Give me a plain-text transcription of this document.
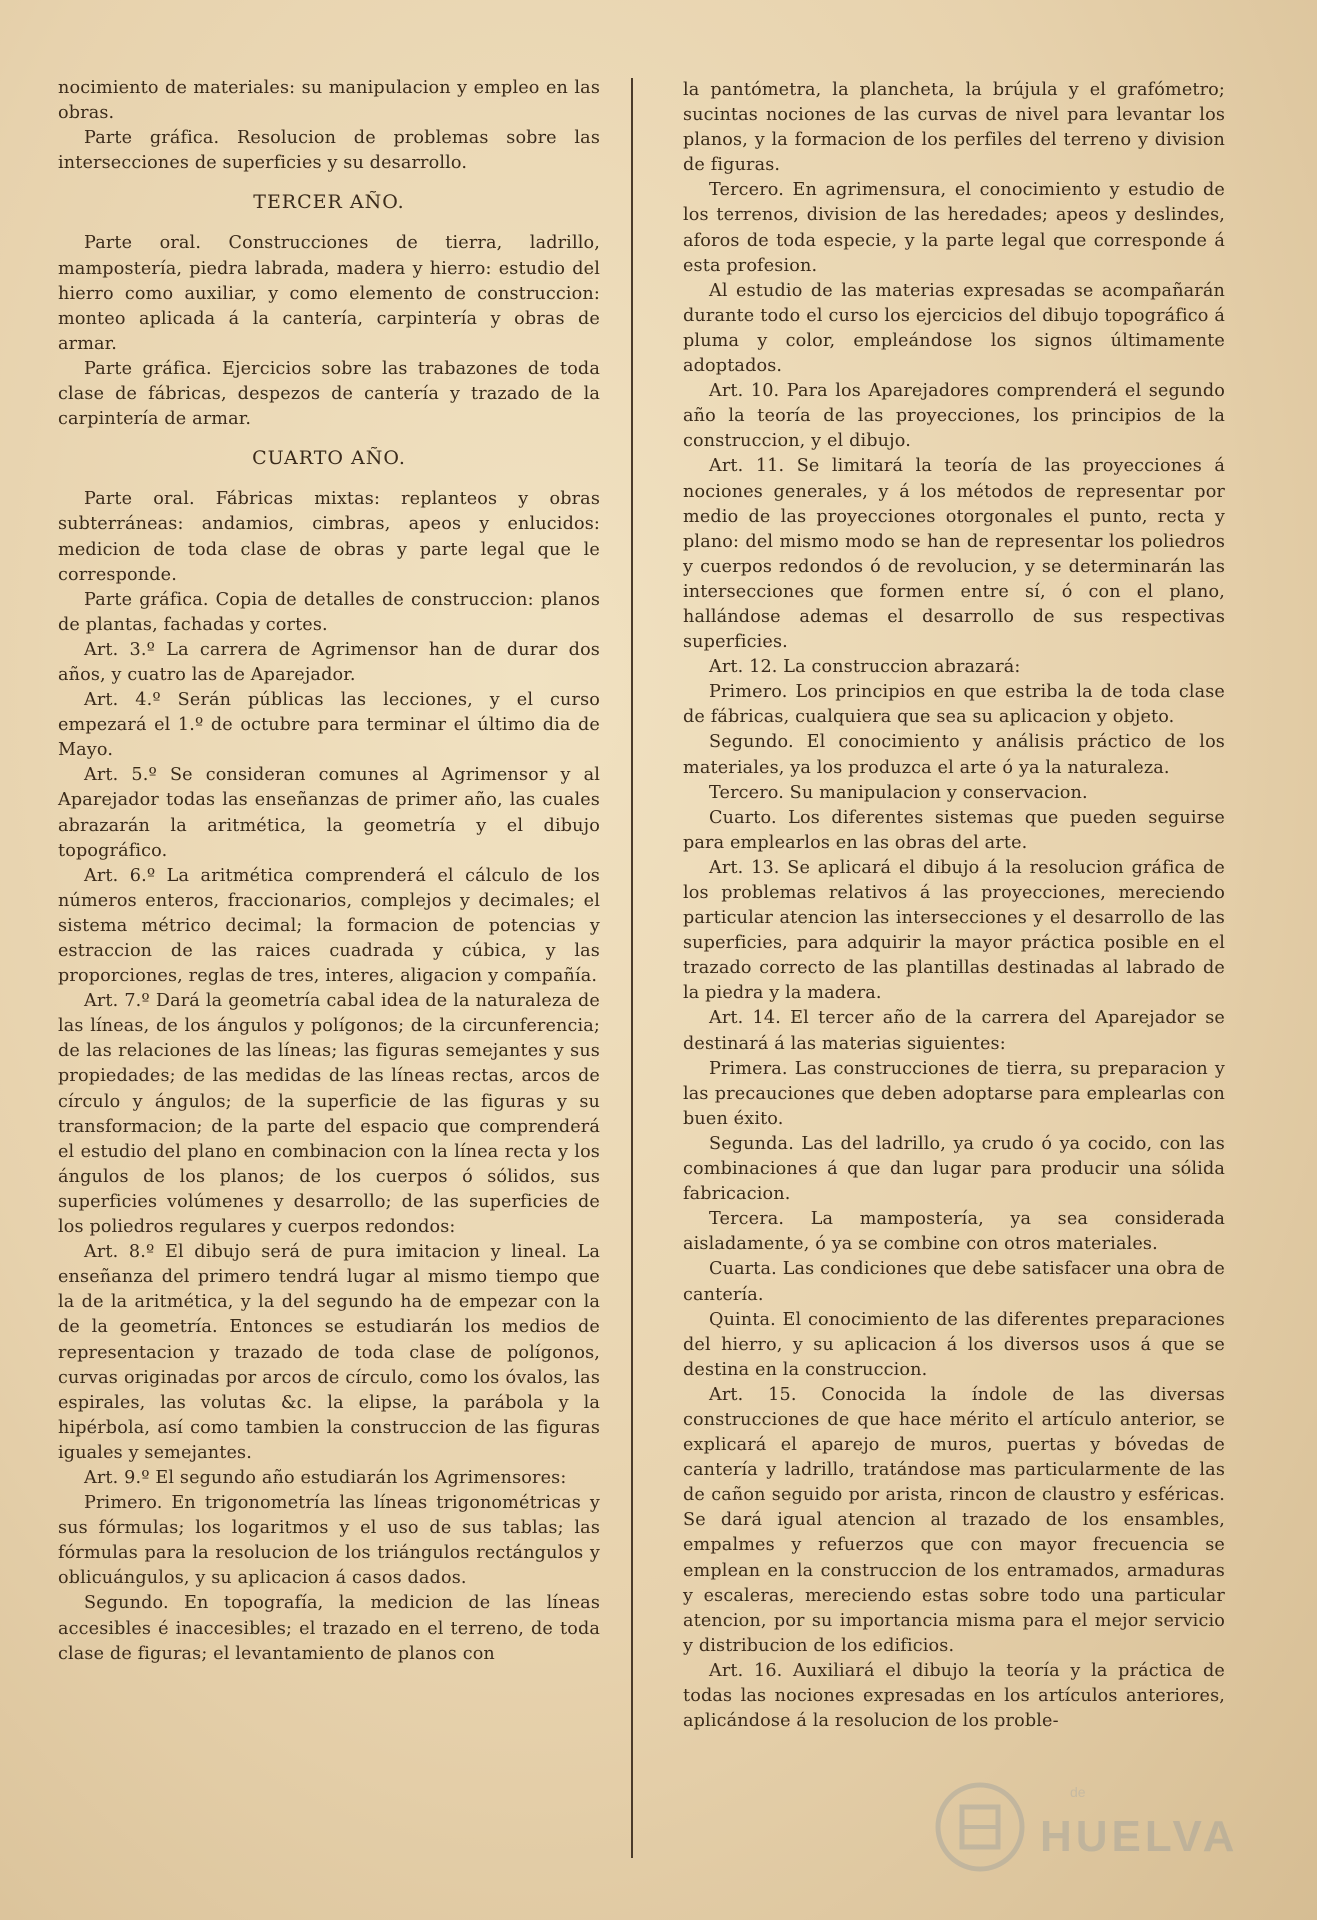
nocimiento de materiales: su manipulacion y empleo en las obras.

Parte gráfica. Resolucion de problemas sobre las intersecciones de superficies y su desarrollo.

TERCER AÑO.

Parte oral. Construcciones de tierra, ladrillo, mampostería, piedra labrada, madera y hierro: estudio del hierro como auxiliar, y como elemento de construccion: monteo aplicada á la cantería, carpintería y obras de armar.

Parte gráfica. Ejercicios sobre las trabazones de toda clase de fábricas, despezos de cantería y trazado de la carpintería de armar.

CUARTO AÑO.

Parte oral. Fábricas mixtas: replanteos y obras subterráneas: andamios, cimbras, apeos y enlucidos: medicion de toda clase de obras y parte legal que le corresponde.

Parte gráfica. Copia de detalles de construccion: planos de plantas, fachadas y cortes.

Art. 3.º La carrera de Agrimensor han de durar dos años, y cuatro las de Aparejador.

Art. 4.º Serán públicas las lecciones, y el curso empezará el 1.º de octubre para terminar el último dia de Mayo.

Art. 5.º Se consideran comunes al Agrimensor y al Aparejador todas las enseñanzas de primer año, las cuales abrazarán la aritmética, la geometría y el dibujo topográfico.

Art. 6.º La aritmética comprenderá el cálculo de los números enteros, fraccionarios, complejos y decimales; el sistema métrico decimal; la formacion de potencias y estraccion de las raices cuadrada y cúbica, y las proporciones, reglas de tres, interes, aligacion y compañía.

Art. 7.º Dará la geometría cabal idea de la naturaleza de las líneas, de los ángulos y polígonos; de la circunferencia; de las relaciones de las líneas; las figuras semejantes y sus propiedades; de las medidas de las líneas rectas, arcos de círculo y ángulos; de la superficie de las figuras y su transformacion; de la parte del espacio que comprenderá el estudio del plano en combinacion con la línea recta y los ángulos de los planos; de los cuerpos ó sólidos, sus superficies volúmenes y desarrollo; de las superficies de los poliedros regulares y cuerpos redondos:

Art. 8.º El dibujo será de pura imitacion y lineal. La enseñanza del primero tendrá lugar al mismo tiempo que la de la aritmética, y la del segundo ha de empezar con la de la geometría. Entonces se estudiarán los medios de representacion y trazado de toda clase de polígonos, curvas originadas por arcos de círculo, como los óvalos, las espirales, las volutas &c. la elipse, la parábola y la hipérbola, así como tambien la construccion de las figuras iguales y semejantes.

Art. 9.º El segundo año estudiarán los Agrimensores:

Primero. En trigonometría las líneas trigonométricas y sus fórmulas; los logaritmos y el uso de sus tablas; las fórmulas para la resolucion de los triángulos rectángulos y oblicuángulos, y su aplicacion á casos dados.

Segundo. En topografía, la medicion de las líneas accesibles é inaccesibles; el trazado en el terreno, de toda clase de figuras; el levantamiento de planos con

la pantómetra, la plancheta, la brújula y el grafómetro; sucintas nociones de las curvas de nivel para levantar los planos, y la formacion de los perfiles del terreno y division de figuras.

Tercero. En agrimensura, el conocimiento y estudio de los terrenos, division de las heredades; apeos y deslindes, aforos de toda especie, y la parte legal que corresponde á esta profesion.

Al estudio de las materias expresadas se acompañarán durante todo el curso los ejercicios del dibujo topográfico á pluma y color, empleándose los signos últimamente adoptados.

Art. 10. Para los Aparejadores comprenderá el segundo año la teoría de las proyecciones, los principios de la construccion, y el dibujo.

Art. 11. Se limitará la teoría de las proyecciones á nociones generales, y á los métodos de representar por medio de las proyecciones otorgonales el punto, recta y plano: del mismo modo se han de representar los poliedros y cuerpos redondos ó de revolucion, y se determinarán las intersecciones que formen entre sí, ó con el plano, hallándose ademas el desarrollo de sus respectivas superficies.

Art. 12. La construccion abrazará:

Primero. Los principios en que estriba la de toda clase de fábricas, cualquiera que sea su aplicacion y objeto.

Segundo. El conocimiento y análisis práctico de los materiales, ya los produzca el arte ó ya la naturaleza.

Tercero. Su manipulacion y conservacion.

Cuarto. Los diferentes sistemas que pueden seguirse para emplearlos en las obras del arte.

Art. 13. Se aplicará el dibujo á la resolucion gráfica de los problemas relativos á las proyecciones, mereciendo particular atencion las intersecciones y el desarrollo de las superficies, para adquirir la mayor práctica posible en el trazado correcto de las plantillas destinadas al labrado de la piedra y la madera.

Art. 14. El tercer año de la carrera del Aparejador se destinará á las materias siguientes:

Primera. Las construcciones de tierra, su preparacion y las precauciones que deben adoptarse para emplearlas con buen éxito.

Segunda. Las del ladrillo, ya crudo ó ya cocido, con las combinaciones á que dan lugar para producir una sólida fabricacion.

Tercera. La mampostería, ya sea considerada aisladamente, ó ya se combine con otros materiales.

Cuarta. Las condiciones que debe satisfacer una obra de cantería.

Quinta. El conocimiento de las diferentes preparaciones del hierro, y su aplicacion á los diversos usos á que se destina en la construccion.

Art. 15. Conocida la índole de las diversas construcciones de que hace mérito el artículo anterior, se explicará el aparejo de muros, puertas y bóvedas de cantería y ladrillo, tratándose mas particularmente de las de cañon seguido por arista, rincon de claustro y esféricas. Se dará igual atencion al trazado de los ensambles, empalmes y refuerzos que con mayor frecuencia se emplean en la construccion de los entramados, armaduras y escaleras, mereciendo estas sobre todo una particular atencion, por su importancia misma para el mejor servicio y distribucion de los edificios.

Art. 16. Auxiliará el dibujo la teoría y la práctica de todas las nociones expresadas en los artículos anteriores, aplicándose á la resolucion de los proble-

de
HUELVA
